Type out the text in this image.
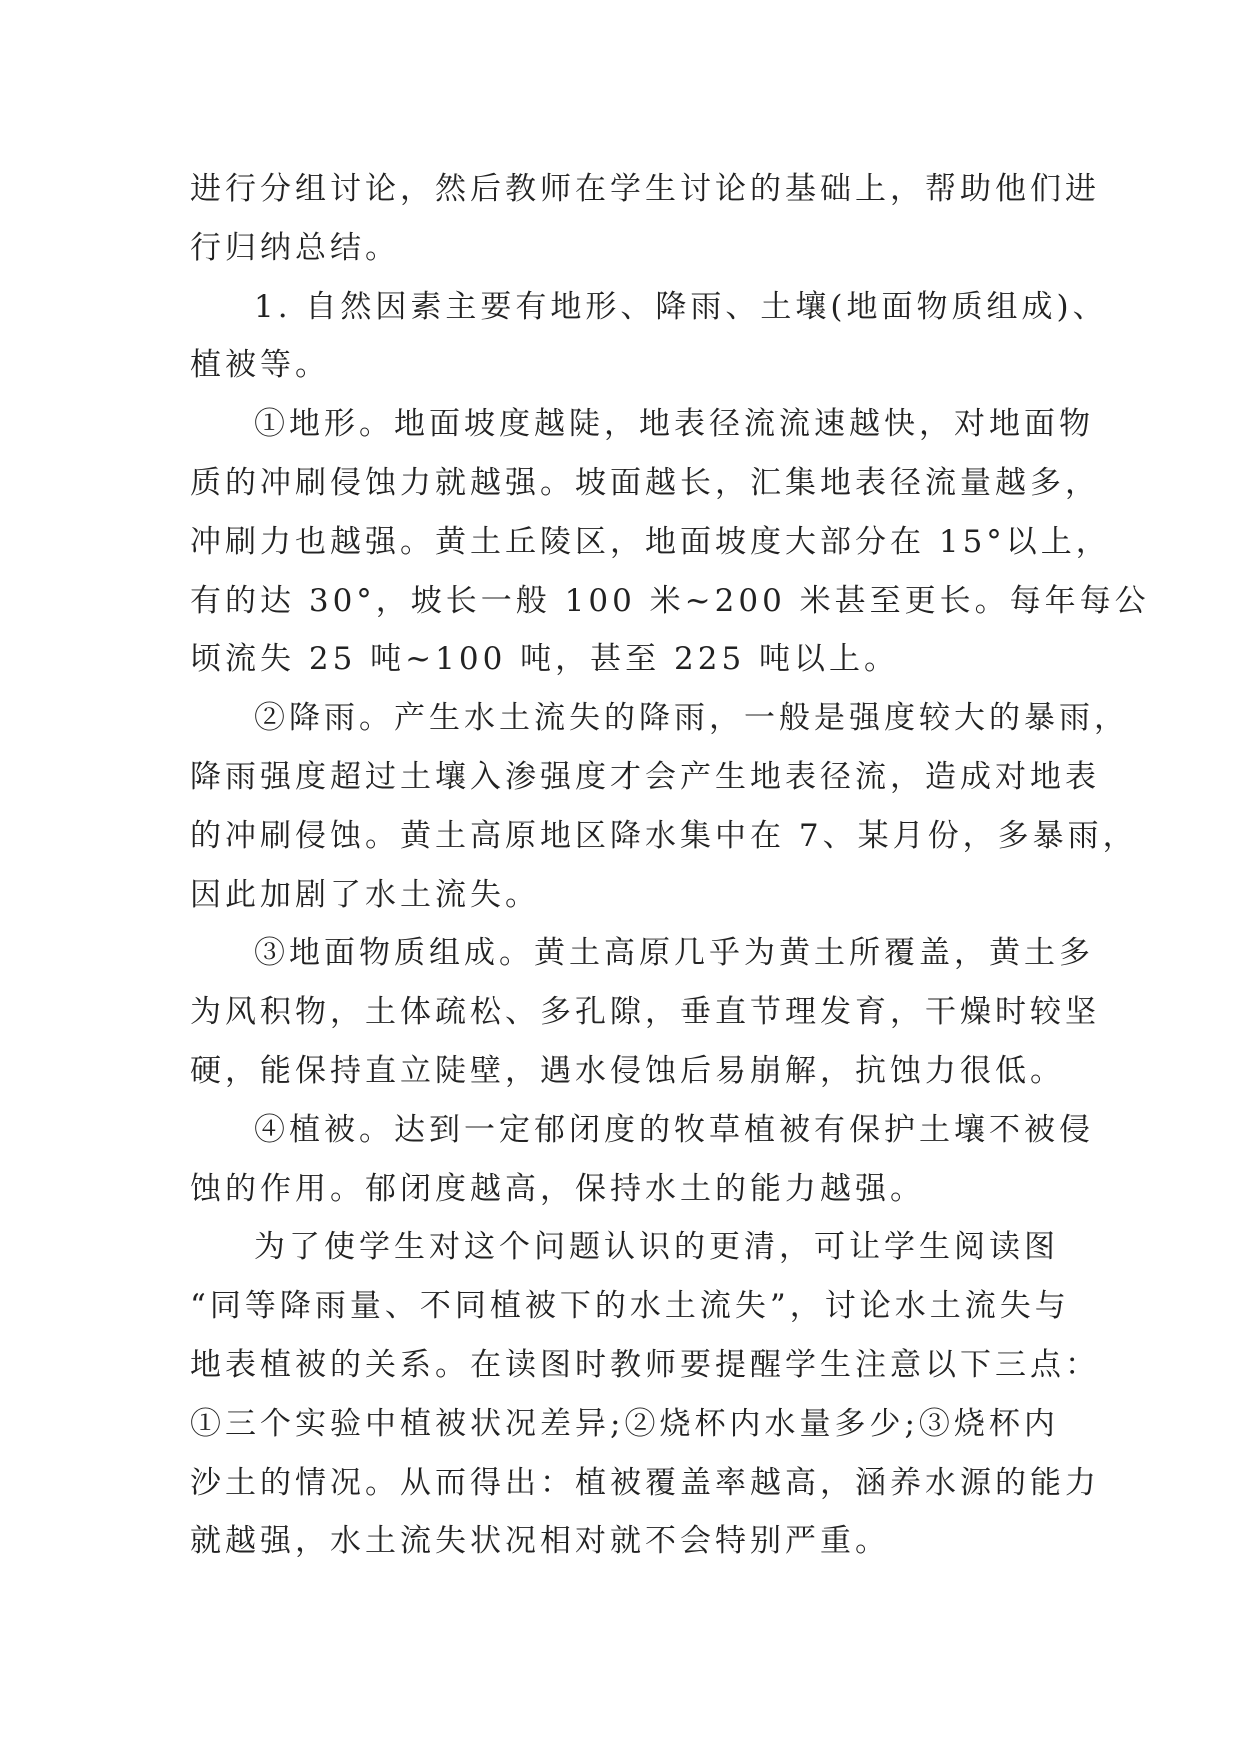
进行分组讨论，然后教师在学生讨论的基础上，帮助他们进
行归纳总结。
1. 自然因素主要有地形、降雨、土壤(地面物质组成)、
植被等。
①地形。地面坡度越陡，地表径流流速越快，对地面物
质的冲刷侵蚀力就越强。坡面越长，汇集地表径流量越多，
冲刷力也越强。黄土丘陵区，地面坡度大部分在 15°以上，
有的达 30°，坡长一般 100 米~200 米甚至更长。每年每公
顷流失 25 吨~100 吨，甚至 225 吨以上。
②降雨。产生水土流失的降雨，一般是强度较大的暴雨，
降雨强度超过土壤入渗强度才会产生地表径流，造成对地表
的冲刷侵蚀。黄土高原地区降水集中在 7、某月份，多暴雨，
因此加剧了水土流失。
③地面物质组成。黄土高原几乎为黄土所覆盖，黄土多
为风积物，土体疏松、多孔隙，垂直节理发育，干燥时较坚
硬，能保持直立陡壁，遇水侵蚀后易崩解，抗蚀力很低。
④植被。达到一定郁闭度的牧草植被有保护土壤不被侵
蚀的作用。郁闭度越高，保持水土的能力越强。
为了使学生对这个问题认识的更清，可让学生阅读图
“同等降雨量、不同植被下的水土流失”，讨论水土流失与
地表植被的关系。在读图时教师要提醒学生注意以下三点：
①三个实验中植被状况差异;②烧杯内水量多少;③烧杯内
沙土的情况。从而得出：植被覆盖率越高，涵养水源的能力
就越强，水土流失状况相对就不会特别严重。
